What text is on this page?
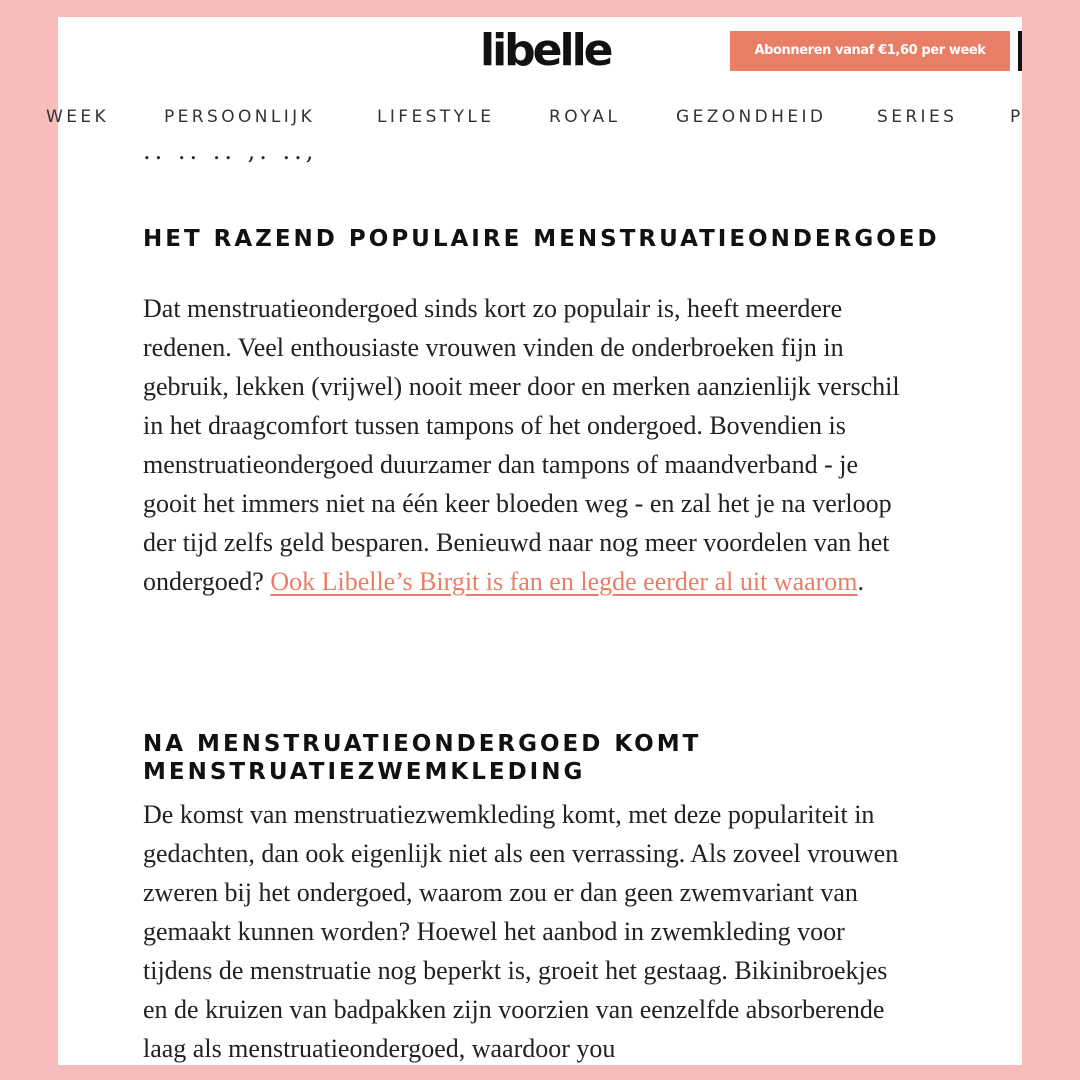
libelle	Abonneren vanaf €1,60 per week
WEEK	PERSOONLIJK	LIFESTYLE	ROYAL	GEZONDHEID	SERIES	P
.. .. .. ,. ..,
HET RAZEND POPULAIRE MENSTRUATIEONDERGOED

Dat menstruatieondergoed sinds kort zo populair is, heeft meerdere redenen. Veel enthousiaste vrouwen vinden de onderbroeken fijn in gebruik, lekken (vrijwel) nooit meer door en merken aanzienlijk verschil in het draagcomfort tussen tampons of het ondergoed. Bovendien is menstruatieondergoed duurzamer dan tampons of maandverband - je gooit het immers niet na één keer bloeden weg - en zal het je na verloop der tijd zelfs geld besparen. Benieuwd naar nog meer voordelen van het ondergoed? Ook Libelle’s Birgit is fan en legde eerder al uit waarom.

NA MENSTRUATIEONDERGOED KOMT MENSTRUATIEZWEMKLEDING

De komst van menstruatiezwemkleding komt, met deze populariteit in gedachten, dan ook eigenlijk niet als een verrassing. Als zoveel vrouwen zweren bij het ondergoed, waarom zou er dan geen zwemvariant van gemaakt kunnen worden? Hoewel het aanbod in zwemkleding voor tijdens de menstruatie nog beperkt is, groeit het gestaag. Bikinibroekjes en de kruizen van badpakken zijn voorzien van eenzelfde absorberende laag als menstruatieondergoed, waardoor you
